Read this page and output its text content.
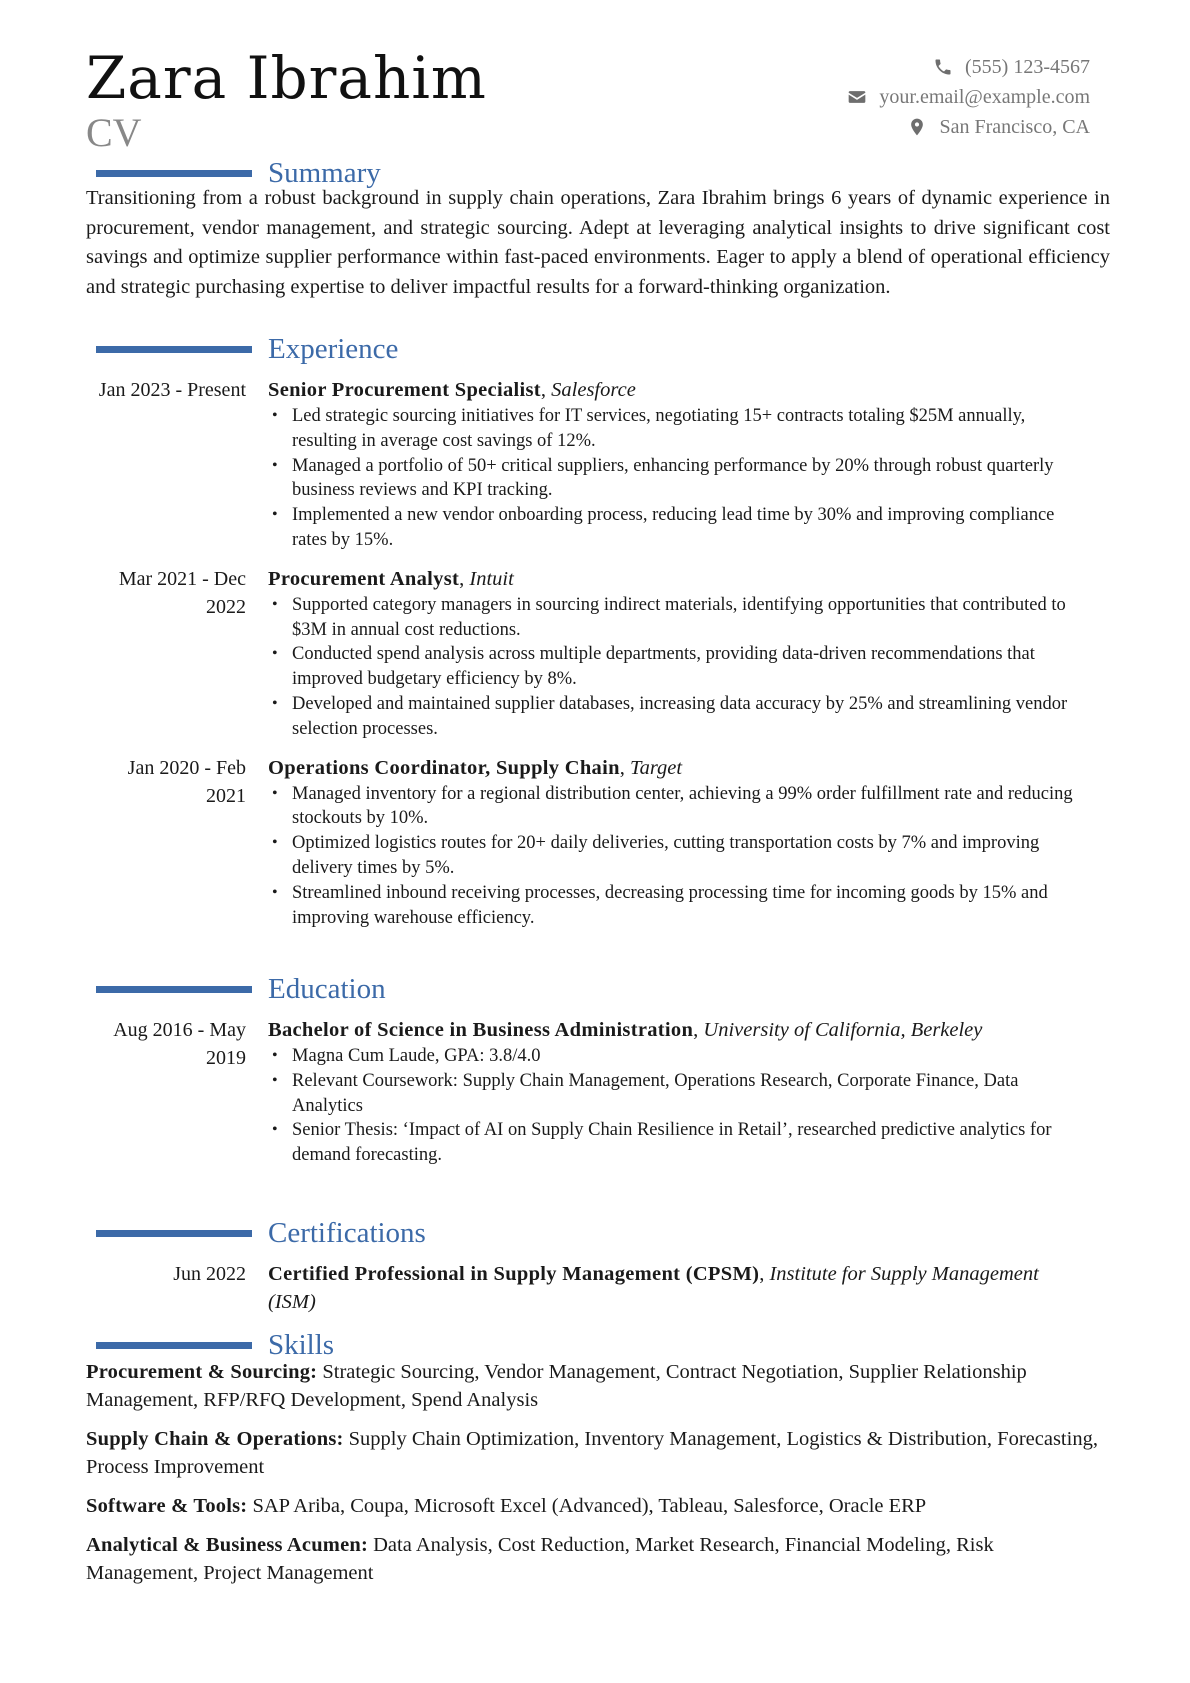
Zara Ibrahim
CV
(555) 123-4567
your.email@example.com
San Francisco, CA
Summary
Transitioning from a robust background in supply chain operations, Zara Ibrahim brings 6 years of dynamic experience in procurement, vendor management, and strategic sourcing. Adept at leveraging analytical insights to drive significant cost savings and optimize supplier performance within fast-paced environments. Eager to apply a blend of operational efficiency and strategic purchasing expertise to deliver impactful results for a forward-thinking organization.
Experience
Jan 2023 - Present Senior Procurement Specialist, Salesforce
• Led strategic sourcing initiatives for IT services, negotiating 15+ contracts totaling $25M annually, resulting in average cost savings of 12%.
• Managed a portfolio of 50+ critical suppliers, enhancing performance by 20% through robust quarterly business reviews and KPI tracking.
• Implemented a new vendor onboarding process, reducing lead time by 30% and improving compliance rates by 15%.
Mar 2021 - Dec 2022
Procurement Analyst, Intuit
• Supported category managers in sourcing indirect materials, identifying opportunities that contributed to $3M in annual cost reductions.
• Conducted spend analysis across multiple departments, providing data-driven recommendations that improved budgetary efficiency by 8%.
• Developed and maintained supplier databases, increasing data accuracy by 25% and streamlining vendor selection processes.
Jan 2020 - Feb 2021
Operations Coordinator, Supply Chain, Target
• Managed inventory for a regional distribution center, achieving a 99% order fulfillment rate and reducing stockouts by 10%.
• Optimized logistics routes for 20+ daily deliveries, cutting transportation costs by 7% and improving delivery times by 5%.
• Streamlined inbound receiving processes, decreasing processing time for incoming goods by 15% and improving warehouse efficiency.
Education
Aug 2016 - May 2019
Bachelor of Science in Business Administration, University of California, Berkeley
• Magna Cum Laude, GPA: 3.8/4.0
• Relevant Coursework: Supply Chain Management, Operations Research, Corporate Finance, Data Analytics
• Senior Thesis: ‘Impact of AI on Supply Chain Resilience in Retail’, researched predictive analytics for demand forecasting.
Certifications
Jun 2022 Certified Professional in Supply Management (CPSM), Institute for Supply Management (ISM)
Skills
Procurement & Sourcing: Strategic Sourcing, Vendor Management, Contract Negotiation, Supplier Relationship Management, RFP/RFQ Development, Spend Analysis
Supply Chain & Operations: Supply Chain Optimization, Inventory Management, Logistics & Distribution, Forecasting, Process Improvement
Software & Tools: SAP Ariba, Coupa, Microsoft Excel (Advanced), Tableau, Salesforce, Oracle ERP
Analytical & Business Acumen: Data Analysis, Cost Reduction, Market Research, Financial Modeling, Risk Management, Project Management
